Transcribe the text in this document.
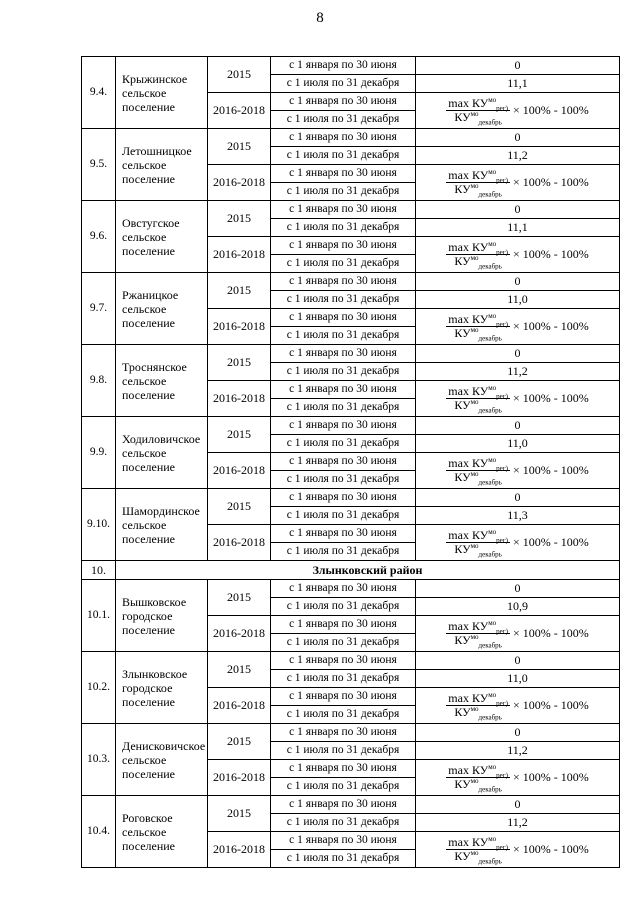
8
9.4.	Крыжинское сельское поселение	2015	с 1 января по 30 июня	0
			с 1 июля по 31 декабря	11,1
		2016-2018	с 1 января по 30 июня	$\frac{\max КУ^{мо}_{рег)}}{КУ^{мо}_{декабрь}} \times 100\% - 100\%$
			с 1 июля по 31 декабря	
9.5.	Летошницкое сельское поселение	2015	с 1 января по 30 июня	0
			с 1 июля по 31 декабря	11,2
		2016-2018	с 1 января по 30 июня	$\frac{\max КУ^{мо}_{рег)}}{КУ^{мо}_{декабрь}} \times 100\% - 100\%$
			с 1 июля по 31 декабря	
9.6.	Овстугское сельское поселение	2015	с 1 января по 30 июня	0
			с 1 июля по 31 декабря	11,1
		2016-2018	с 1 января по 30 июня	$\frac{\max КУ^{мо}_{рег)}}{КУ^{мо}_{декабрь}} \times 100\% - 100\%$
			с 1 июля по 31 декабря	
9.7.	Ржаницкое сельское поселение	2015	с 1 января по 30 июня	0
			с 1 июля по 31 декабря	11,0
		2016-2018	с 1 января по 30 июня	$\frac{\max КУ^{мо}_{рег)}}{КУ^{мо}_{декабрь}} \times 100\% - 100\%$
			с 1 июля по 31 декабря	
9.8.	Троснянское сельское поселение	2015	с 1 января по 30 июня	0
			с 1 июля по 31 декабря	11,2
		2016-2018	с 1 января по 30 июня	$\frac{\max КУ^{мо}_{рег)}}{КУ^{мо}_{декабрь}} \times 100\% - 100\%$
			с 1 июля по 31 декабря	
9.9.	Ходиловичское сельское поселение	2015	с 1 января по 30 июня	0
			с 1 июля по 31 декабря	11,0
		2016-2018	с 1 января по 30 июня	$\frac{\max КУ^{мо}_{рег)}}{КУ^{мо}_{декабрь}} \times 100\% - 100\%$
			с 1 июля по 31 декабря	
9.10.	Шамординское сельское поселение	2015	с 1 января по 30 июня	0
			с 1 июля по 31 декабря	11,3
		2016-2018	с 1 января по 30 июня	$\frac{\max КУ^{мо}_{рег)}}{КУ^{мо}_{декабрь}} \times 100\% - 100\%$
			с 1 июля по 31 декабря	
10.	Злынковский район			
10.1.	Вышковское городское поселение	2015	с 1 января по 30 июня	0
			с 1 июля по 31 декабря	10,9
		2016-2018	с 1 января по 30 июня	$\frac{\max КУ^{мо}_{рег)}}{КУ^{мо}_{декабрь}} \times 100\% - 100\%$
			с 1 июля по 31 декабря	
10.2.	Злынковское городское поселение	2015	с 1 января по 30 июня	0
			с 1 июля по 31 декабря	11,0
		2016-2018	с 1 января по 30 июня	$\frac{\max КУ^{мо}_{рег)}}{КУ^{мо}_{декабрь}} \times 100\% - 100\%$
			с 1 июля по 31 декабря	
10.3.	Денисковичское сельское поселение	2015	с 1 января по 30 июня	0
			с 1 июля по 31 декабря	11,2
		2016-2018	с 1 января по 30 июня	$\frac{\max КУ^{мо}_{рег)}}{КУ^{мо}_{декабрь}} \times 100\% - 100\%$
			с 1 июля по 31 декабря	
10.4.	Роговское сельское поселение	2015	с 1 января по 30 июня	0
			с 1 июля по 31 декабря	11,2
		2016-2018	с 1 января по 30 июня	$\frac{\max КУ^{мо}_{рег)}}{КУ^{мо}_{декабрь}} \times 100\% - 100\%$
			с 1 июля по 31 декабря	
